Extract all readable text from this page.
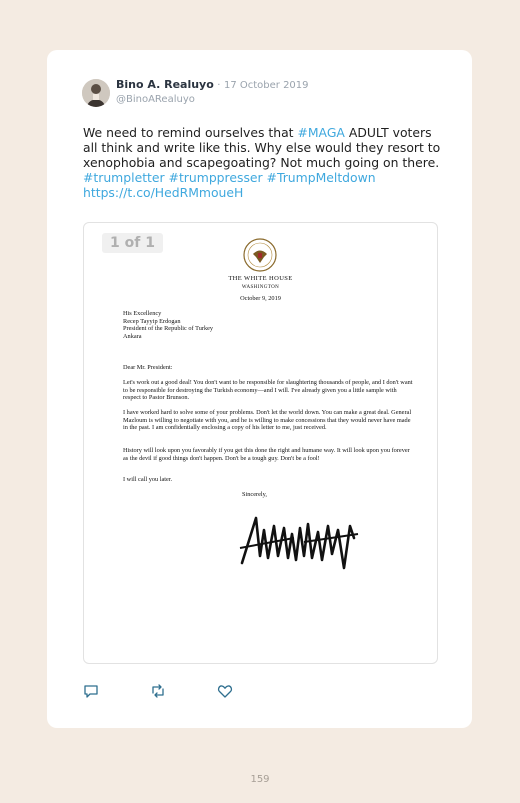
Bino A. Realuyo · 17 October 2019
@BinoARealuyo
We need to remind ourselves that #MAGA ADULT voters all think and write like this. Why else would they resort to xenophobia and scapegoating? Not much going on there.
#trumpletter #trumppresser #TrumpMeltdown
https://t.co/HedRMmoueH
THE WHITE HOUSE
WASHINGTON
October 9, 2019
His Excellency
Recep Tayyip Erdogan
President of the Republic of Turkey
Ankara
Dear Mr. President:
Let's work out a good deal! You don't want to be responsible for slaughtering thousands of people, and I don't want to be responsible for destroying the Turkish economy—and I will. I've already given you a little sample with respect to Pastor Brunson.
I have worked hard to solve some of your problems. Don't let the world down. You can make a great deal. General Mazloum is willing to negotiate with you, and he is willing to make concessions that they would never have made in the past. I am confidentially enclosing a copy of his letter to me, just received.
History will look upon you favorably if you get this done the right and humane way. It will look upon you forever as the devil if good things don't happen. Don't be a tough guy. Don't be a fool!
I will call you later.
Sincerely,
1 of 1
159
